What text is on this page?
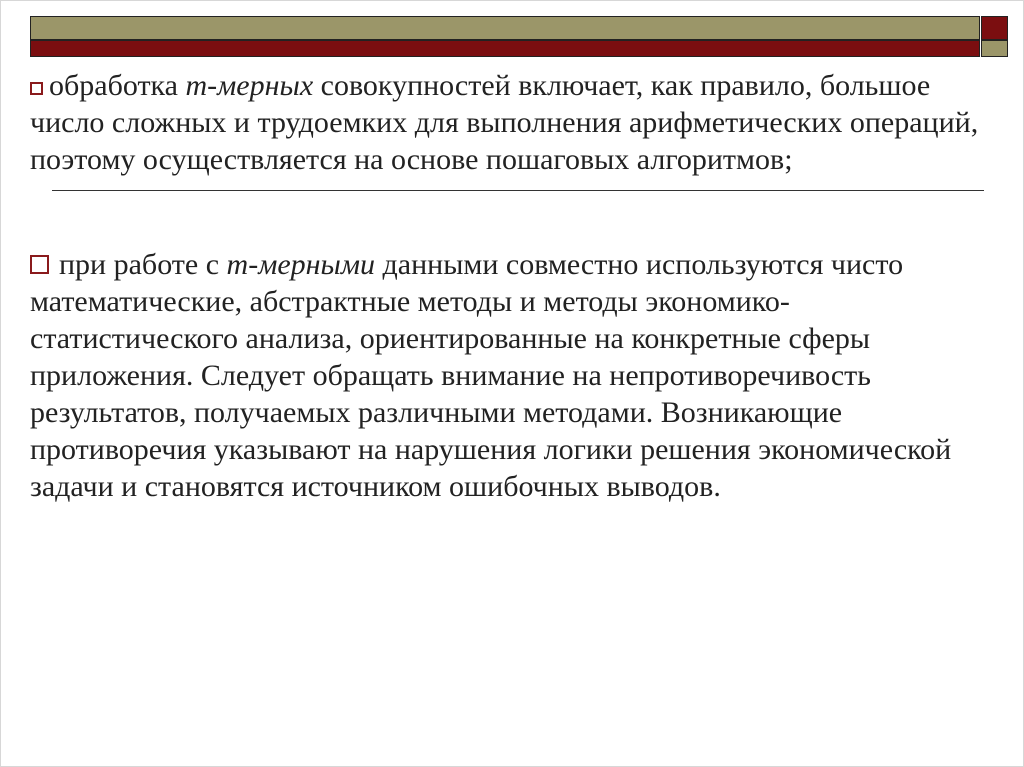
обработка m-мерных совокупностей включает, как правило, большое число сложных и трудоемких для выполнения арифметических операций, поэтому осуществляется на основе пошаговых алгоритмов;

при работе с m-мерными данными совместно используются чисто математические, абстрактные методы и методы экономико-статистического анализа, ориентированные на конкретные сферы приложения. Следует обращать внимание на непротиворечивость результатов, получаемых различными методами. Возникающие противоречия указывают на нарушения логики решения экономической задачи и становятся источником ошибочных выводов.
